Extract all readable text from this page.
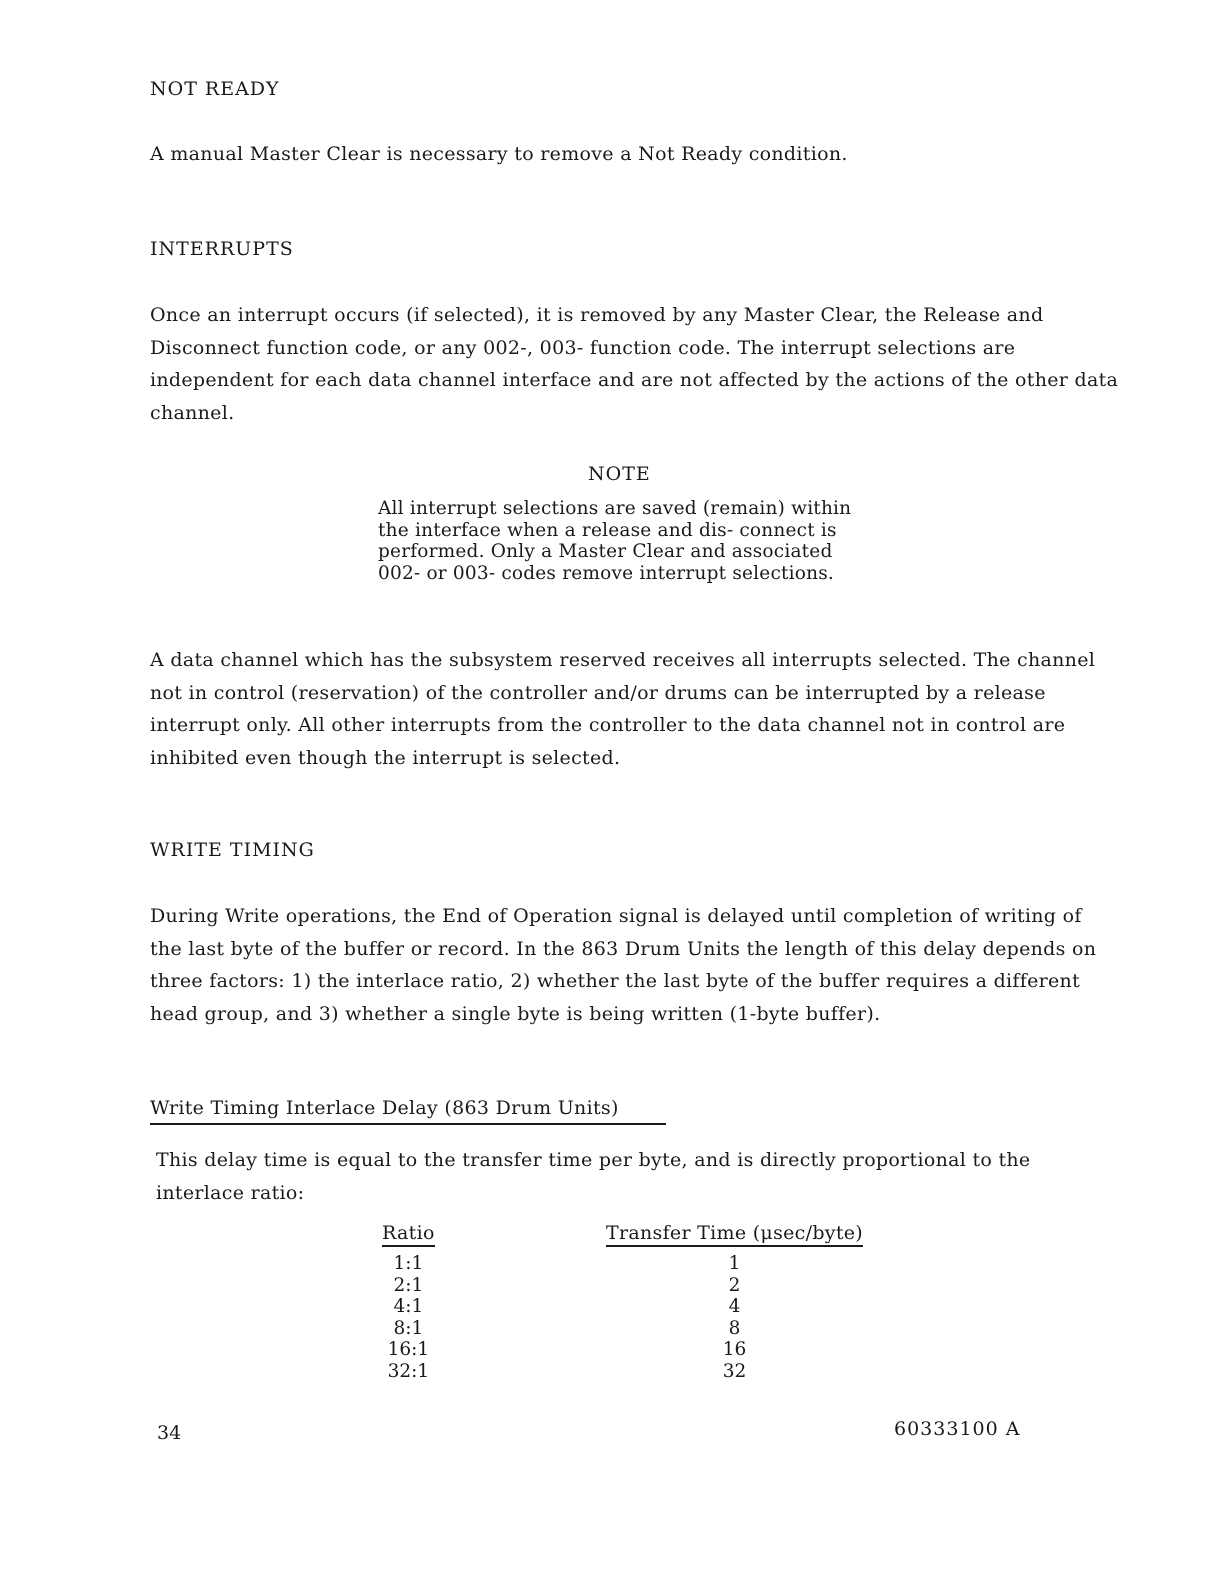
NOT READY
A manual Master Clear is necessary to remove a Not Ready condition.
INTERRUPTS
Once an interrupt occurs (if selected), it is removed by any Master Clear, the Release and Disconnect function code, or any 002-, 003- function code. The interrupt selections are independent for each data channel interface and are not affected by the actions of the other data channel.
NOTE
All interrupt selections are saved (remain) within the interface when a release and dis- connect is performed. Only a Master Clear and associated 002- or 003- codes remove interrupt selections.
A data channel which has the subsystem reserved receives all interrupts selected. The channel not in control (reservation) of the controller and/or drums can be interrupted by a release interrupt only. All other interrupts from the controller to the data channel not in control are inhibited even though the interrupt is selected.
WRITE TIMING
During Write operations, the End of Operation signal is delayed until completion of writing of the last byte of the buffer or record. In the 863 Drum Units the length of this delay depends on three factors: 1) the interlace ratio, 2) whether the last byte of the buffer requires a different head group, and 3) whether a single byte is being written (1-byte buffer).
Write Timing Interlace Delay (863 Drum Units)
This delay time is equal to the transfer time per byte, and is directly proportional to the interlace ratio:
Ratio
1:1
2:1
4:1
8:1
16:1
32:1
Transfer Time (μsec/byte)
1
2
4
8
16
32
34	60333100 A
